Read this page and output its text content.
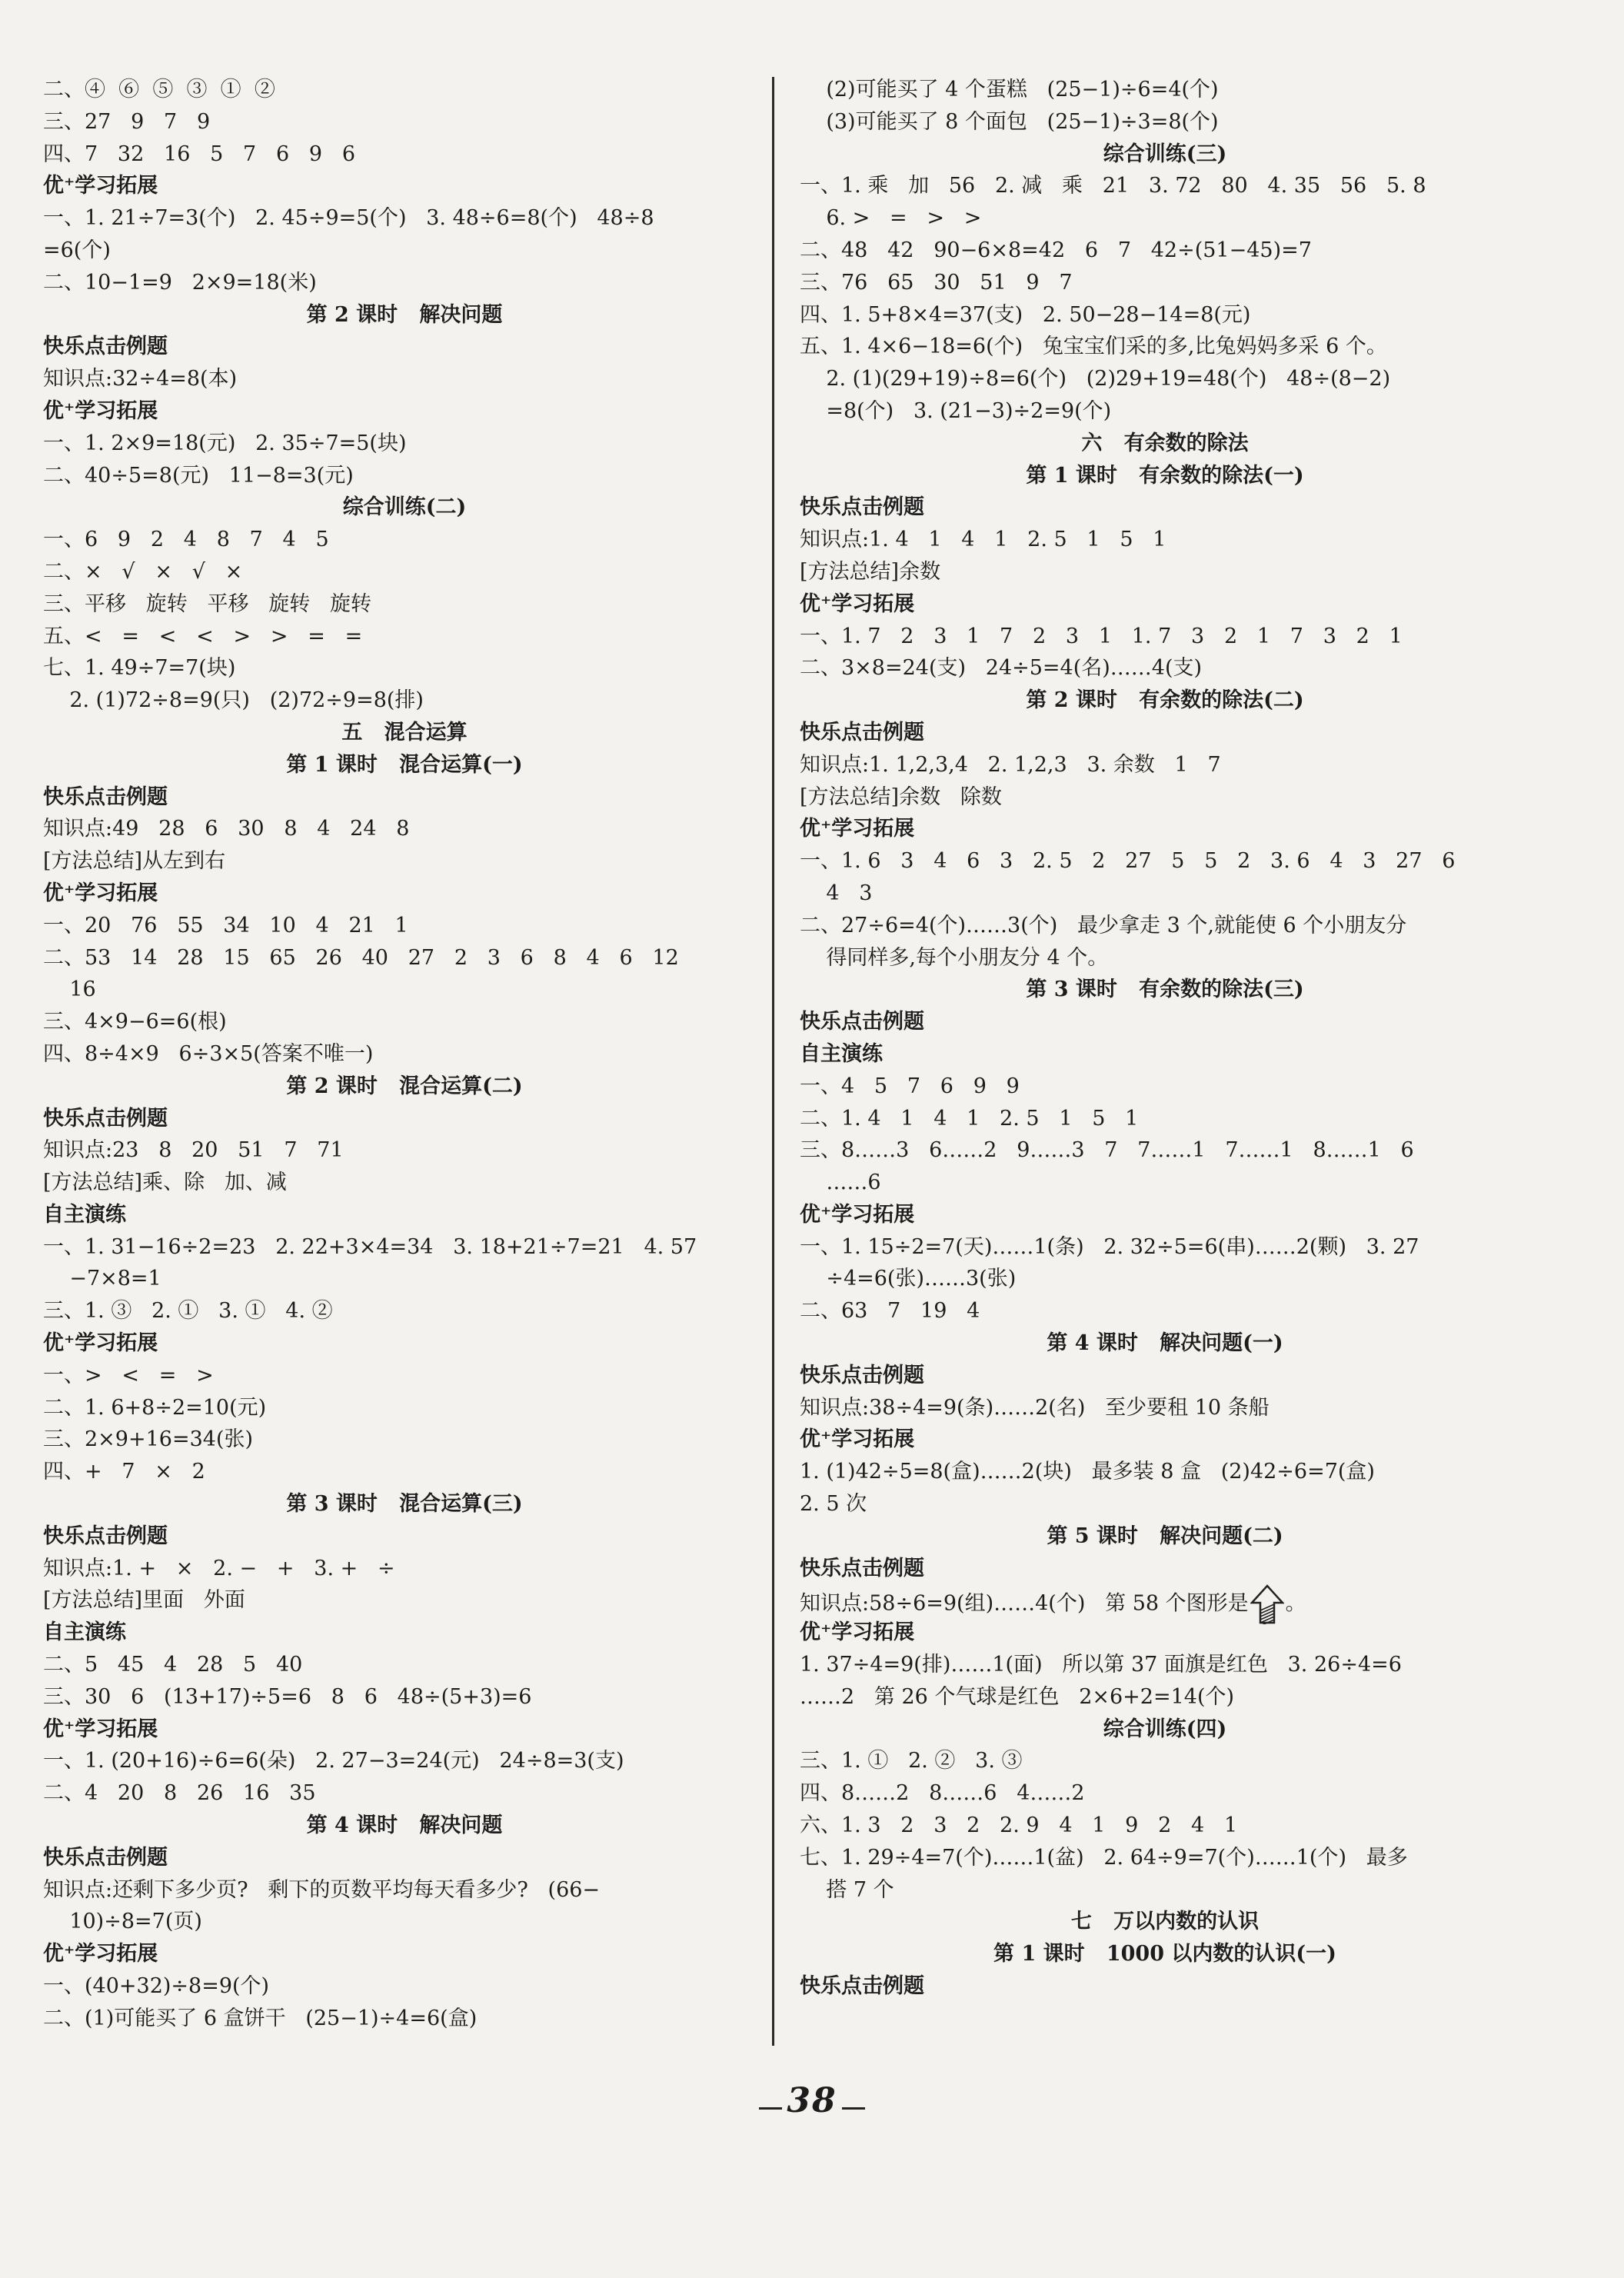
二、④  ⑥  ⑤  ③  ①  ②
三、27   9   7   9
四、7   32   16   5   7   6   9   6
优⁺学习拓展
一、1. 21÷7=3(个)   2. 45÷9=5(个)   3. 48÷6=8(个)   48÷8
=6(个)
二、10−1=9   2×9=18(米)
第 2 课时   解决问题
快乐点击例题
知识点:32÷4=8(本)
优⁺学习拓展
一、1. 2×9=18(元)   2. 35÷7=5(块)
二、40÷5=8(元)   11−8=3(元)
综合训练(二)
一、6   9   2   4   8   7   4   5
二、×   √   ×   √   ×
三、平移   旋转   平移   旋转   旋转
五、<   =   <   <   >   >   =   =
七、1. 49÷7=7(块)
2. (1)72÷8=9(只)   (2)72÷9=8(排)
五   混合运算
第 1 课时   混合运算(一)
快乐点击例题
知识点:49   28   6   30   8   4   24   8
[方法总结]从左到右
优⁺学习拓展
一、20   76   55   34   10   4   21   1
二、53   14   28   15   65   26   40   27   2   3   6   8   4   6   12
16
三、4×9−6=6(根)
四、8÷4×9   6÷3×5(答案不唯一)
第 2 课时   混合运算(二)
快乐点击例题
知识点:23   8   20   51   7   71
[方法总结]乘、除   加、减
自主演练
一、1. 31−16÷2=23   2. 22+3×4=34   3. 18+21÷7=21   4. 57
−7×8=1
三、1. ③   2. ①   3. ①   4. ②
优⁺学习拓展
一、>   <   =   >
二、1. 6+8÷2=10(元)
三、2×9+16=34(张)
四、+   7   ×   2
第 3 课时   混合运算(三)
快乐点击例题
知识点:1. +   ×   2. −   +   3. +   ÷
[方法总结]里面   外面
自主演练
二、5   45   4   28   5   40
三、30   6   (13+17)÷5=6   8   6   48÷(5+3)=6
优⁺学习拓展
一、1. (20+16)÷6=6(朵)   2. 27−3=24(元)   24÷8=3(支)
二、4   20   8   26   16   35
第 4 课时   解决问题
快乐点击例题
知识点:还剩下多少页?   剩下的页数平均每天看多少?   (66−
10)÷8=7(页)
优⁺学习拓展
一、(40+32)÷8=9(个)
二、(1)可能买了 6 盒饼干   (25−1)÷4=6(盒)
(2)可能买了 4 个蛋糕   (25−1)÷6=4(个)
(3)可能买了 8 个面包   (25−1)÷3=8(个)
综合训练(三)
一、1. 乘   加   56   2. 减   乘   21   3. 72   80   4. 35   56   5. 8
6. >   =   >   >
二、48   42   90−6×8=42   6   7   42÷(51−45)=7
三、76   65   30   51   9   7
四、1. 5+8×4=37(支)   2. 50−28−14=8(元)
五、1. 4×6−18=6(个)   兔宝宝们采的多,比兔妈妈多采 6 个。
2. (1)(29+19)÷8=6(个)   (2)29+19=48(个)   48÷(8−2)
=8(个)   3. (21−3)÷2=9(个)
六   有余数的除法
第 1 课时   有余数的除法(一)
快乐点击例题
知识点:1. 4   1   4   1   2. 5   1   5   1
[方法总结]余数
优⁺学习拓展
一、1. 7   2   3   1   7   2   3   1   1. 7   3   2   1   7   3   2   1
二、3×8=24(支)   24÷5=4(名)……4(支)
第 2 课时   有余数的除法(二)
快乐点击例题
知识点:1. 1,2,3,4   2. 1,2,3   3. 余数   1   7
[方法总结]余数   除数
优⁺学习拓展
一、1. 6   3   4   6   3   2. 5   2   27   5   5   2   3. 6   4   3   27   6
4   3
二、27÷6=4(个)……3(个)   最少拿走 3 个,就能使 6 个小朋友分
得同样多,每个小朋友分 4 个。
第 3 课时   有余数的除法(三)
快乐点击例题
自主演练
一、4   5   7   6   9   9
二、1. 4   1   4   1   2. 5   1   5   1
三、8……3   6……2   9……3   7   7……1   7……1   8……1   6
……6
优⁺学习拓展
一、1. 15÷2=7(天)……1(条)   2. 32÷5=6(串)……2(颗)   3. 27
÷4=6(张)……3(张)
二、63   7   19   4
第 4 课时   解决问题(一)
快乐点击例题
知识点:38÷4=9(条)……2(名)   至少要租 10 条船
优⁺学习拓展
1. (1)42÷5=8(盒)……2(块)   最多装 8 盒   (2)42÷6=7(盒)
2. 5 次
第 5 课时   解决问题(二)
快乐点击例题
知识点:58÷6=9(组)……4(个)   第 58 个图形是 。
优⁺学习拓展
1. 37÷4=9(排)……1(面)   所以第 37 面旗是红色   3. 26÷4=6
……2   第 26 个气球是红色   2×6+2=14(个)
综合训练(四)
三、1. ①   2. ②   3. ③
四、8……2   8……6   4……2
六、1. 3   2   3   2   2. 9   4   1   9   2   4   1
七、1. 29÷4=7(个)……1(盆)   2. 64÷9=7(个)……1(个)   最多
搭 7 个
七   万以内数的认识
第 1 课时   1000 以内数的认识(一)
快乐点击例题
38
